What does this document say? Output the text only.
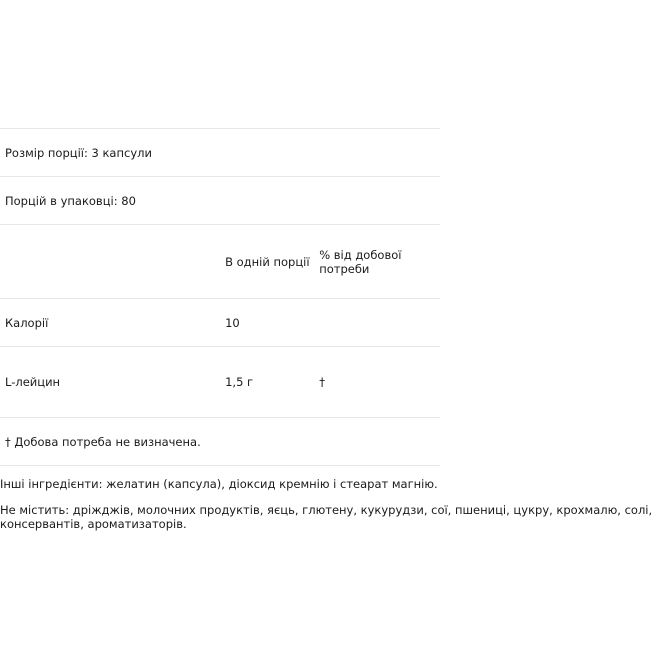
Розмір порції: 3 капсули		
Порцій в упаковці: 80		
	В одній порції	% від добової потреби
Калорії	10	
L-лейцин	1,5 г	†
† Добова потреба не визначена.		

Інші інгредієнти: желатин (капсула), діоксид кремнію і стеарат магнію.

Не містить: дріжджів, молочних продуктів, яєць, глютену, кукурудзи, сої, пшениці, цукру, крохмалю, солі, консервантів, ароматизаторів.
